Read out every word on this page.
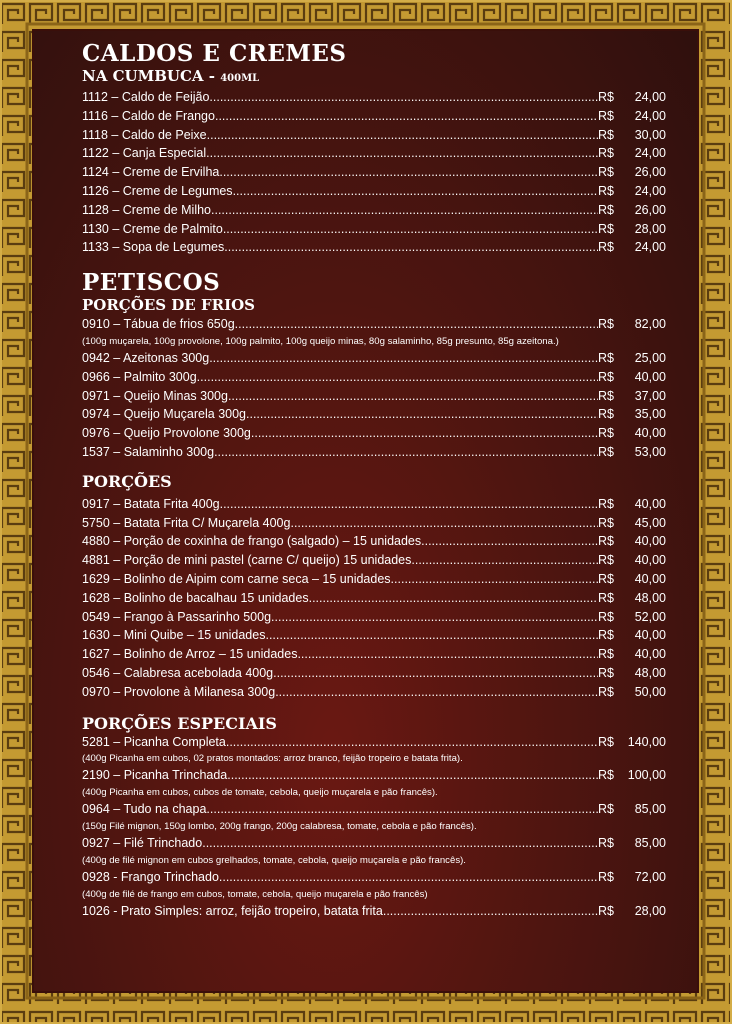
CALDOS E CREMES
NA CUMBUCA - 400ML
1112 – Caldo de Feijão .....	R$	24,00
1116 – Caldo de Frango .....	R$	24,00
1118 – Caldo de Peixe .....	R$	30,00
1122 – Canja Especial .....	R$	24,00
1124 – Creme de Ervilha .....	R$	26,00
1126 – Creme de Legumes .....	R$	24,00
1128 – Creme de Milho .....	R$	26,00
1130 – Creme de Palmito .....	R$	28,00
1133 – Sopa de Legumes .....	R$	24,00
PETISCOS
PORÇÕES DE FRIOS
0910 – Tábua de frios 650g .....	R$	82,00

(100g muçarela, 100g provolone, 100g palmito, 100g queijo minas, 80g salaminho, 85g presunto, 85g azeitona.)

0942 – Azeitonas 300g .....	R$	25,00
0966 – Palmito 300g .....	R$	40,00
0971 – Queijo Minas 300g .....	R$	37,00
0974 – Queijo Muçarela 300g .....	R$	35,00
0976 – Queijo Provolone 300g .....	R$	40,00
1537 – Salaminho 300g .....	R$	53,00
PORÇÕES
0917 – Batata Frita 400g .....	R$	40,00
5750 – Batata Frita C/ Muçarela 400g .....	R$	45,00
4880 – Porção de coxinha de frango (salgado) – 15 unidades .....	R$	40,00
4881 – Porção de mini pastel (carne C/ queijo) 15 unidades .....	R$	40,00
1629 – Bolinho de Aipim com carne seca – 15 unidades .....	R$	40,00
1628 – Bolinho de bacalhau 15 unidades .....	R$	48,00
0549 – Frango à Passarinho 500g .....	R$	52,00
1630 – Mini Quibe – 15 unidades .....	R$	40,00
1627 – Bolinho de Arroz – 15 unidades .....	R$	40,00
0546 – Calabresa acebolada 400g .....	R$	48,00
0970 – Provolone à Milanesa 300g .....	R$	50,00
PORÇÕES ESPECIAIS
5281 – Picanha Completa .....	R$	140,00

(400g Picanha em cubos, 02 pratos montados: arroz branco, feijão tropeiro e batata frita).

2190 – Picanha Trinchada .....	R$	100,00

(400g Picanha em cubos, cubos de tomate, cebola, queijo muçarela e pão francês).

0964 – Tudo na chapa .....	R$	85,00

(150g Filé mignon, 150g lombo, 200g frango, 200g calabresa, tomate, cebola e pão francês).

0927 – Filé Trinchado .....	R$	85,00

(400g de filé mignon em cubos grelhados, tomate, cebola, queijo muçarela e pão francês).

0928 - Frango Trinchado .....	R$	72,00

(400g de filé de frango em cubos, tomate, cebola, queijo muçarela e pão francês)

1026 - Prato Simples: arroz, feijão tropeiro, batata frita .....	R$	28,00
